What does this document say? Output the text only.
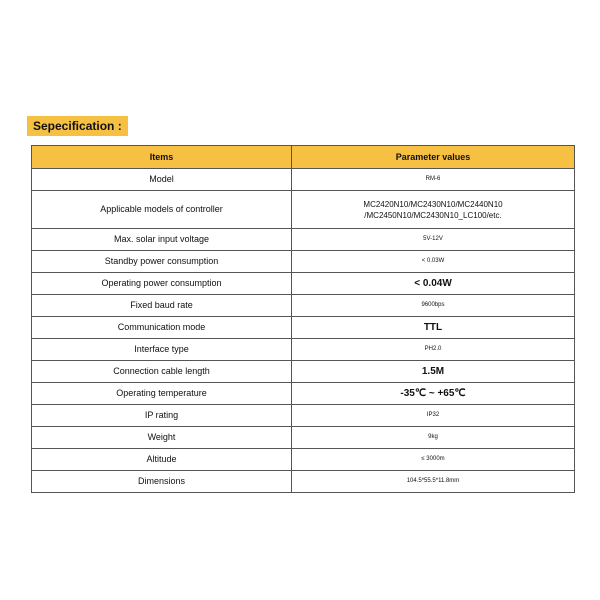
Sepecification :
Items	Parameter values
Model	RM-6
Applicable models of controller	MC2420N10/MC2430N10/MC2440N10 /MC2450N10/MC2430N10_LC100/etc.
Max. solar input voltage	5V-12V
Standby power consumption	< 0.03W
Operating power consumption	< 0.04W
Fixed baud rate	9600bps
Communication mode	TTL
Interface type	PH2.0
Connection cable length	1.5M
Operating temperature	-35℃ ~ +65℃
IP rating	IP32
Weight	9kg
Altitude	≤ 3000m
Dimensions	104.5*55.5*11.8mm
